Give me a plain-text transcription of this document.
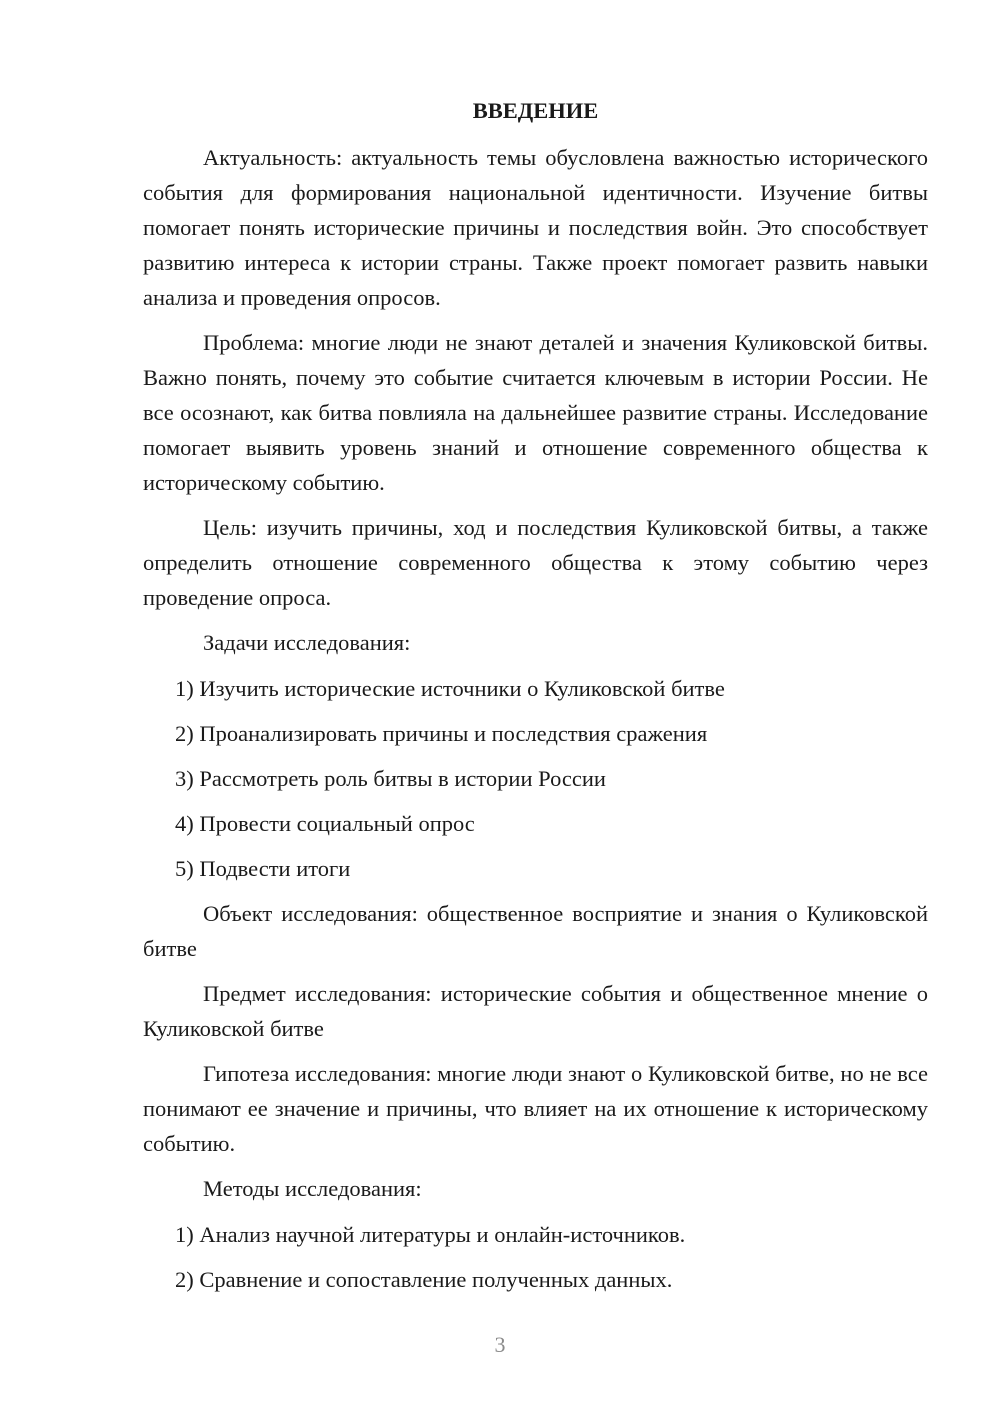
ВВЕДЕНИЕ
Актуальность: актуальность темы обусловлена важностью исторического события для формирования национальной идентичности. Изучение битвы помогает понять исторические причины и последствия войн. Это способствует развитию интереса к истории страны. Также проект помогает развить навыки анализа и проведения опросов.
Проблема: многие люди не знают деталей и значения Куликовской битвы. Важно понять, почему это событие считается ключевым в истории России. Не все осознают, как битва повлияла на дальнейшее развитие страны. Исследование помогает выявить уровень знаний и отношение современного общества к историческому событию.
Цель: изучить причины, ход и последствия Куликовской битвы, а также определить отношение современного общества к этому событию через проведение опроса.
Задачи исследования:
1) Изучить исторические источники о Куликовской битве
2) Проанализировать причины и последствия сражения
3) Рассмотреть роль битвы в истории России
4) Провести социальный опрос
5) Подвести итоги
Объект исследования: общественное восприятие и знания о Куликовской битве
Предмет исследования: исторические события и общественное мнение о Куликовской битве
Гипотеза исследования: многие люди знают о Куликовской битве, но не все понимают ее значение и причины, что влияет на их отношение к историческому событию.
Методы исследования:
1) Анализ научной литературы и онлайн-источников.
2) Сравнение и сопоставление полученных данных.
3
